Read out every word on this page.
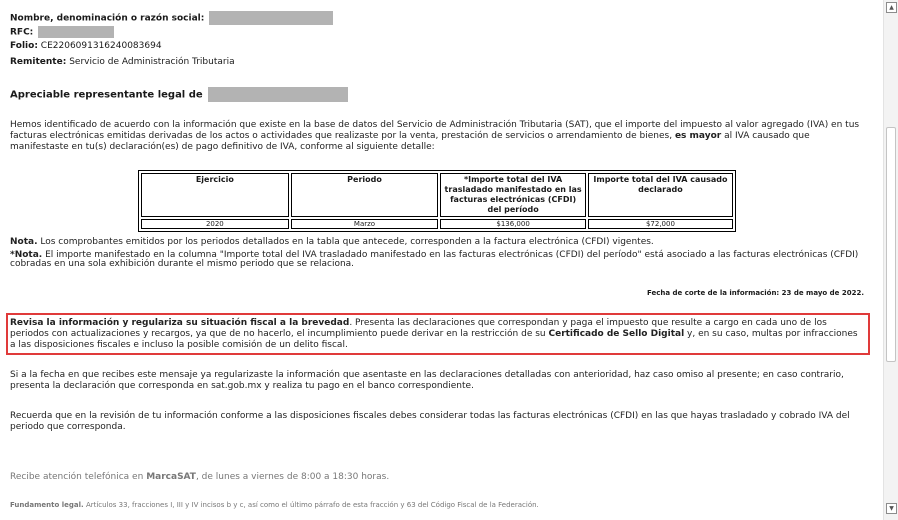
Nombre, denominación o razón social:
RFC:
Folio: CE2206091316240083694
Remitente: Servicio de Administración Tributaria
Apreciable representante legal de
Hemos identificado de acuerdo con la información que existe en la base de datos del Servicio de Administración Tributaria (SAT), que el importe del impuesto al valor agregado (IVA) en tus facturas electrónicas emitidas derivadas de los actos o actividades que realizaste por la venta, prestación de servicios o arrendamiento de bienes, es mayor al IVA causado que manifestaste en tu(s) declaración(es) de pago definitivo de IVA, conforme al siguiente detalle:
Ejercicio	Periodo	*Importe total del IVA trasladado manifestado en las facturas electrónicas (CFDI) del período	Importe total del IVA causado declarado
2020	Marzo	$136,000	$72,000
Nota. Los comprobantes emitidos por los periodos detallados en la tabla que antecede, corresponden a la factura electrónica (CFDI) vigentes.
*Nota. El importe manifestado en la columna "Importe total del IVA trasladado manifestado en las facturas electrónicas (CFDI) del período" está asociado a las facturas electrónicas (CFDI) cobradas en una sola exhibición durante el mismo periodo que se relaciona.
Fecha de corte de la información: 23 de mayo de 2022.
Revisa la información y regulariza su situación fiscal a la brevedad. Presenta las declaraciones que correspondan y paga el impuesto que resulte a cargo en cada uno de los periodos con actualizaciones y recargos, ya que de no hacerlo, el incumplimiento puede derivar en la restricción de su Certificado de Sello Digital y, en su caso, multas por infracciones a las disposiciones fiscales e incluso la posible comisión de un delito fiscal.
Si a la fecha en que recibes este mensaje ya regularizaste la información que asentaste en las declaraciones detalladas con anterioridad, haz caso omiso al presente; en caso contrario, presenta la declaración que corresponda en sat.gob.mx y realiza tu pago en el banco correspondiente.
Recuerda que en la revisión de tu información conforme a las disposiciones fiscales debes considerar todas las facturas electrónicas (CFDI) en las que hayas trasladado y cobrado IVA del periodo que corresponda.
Recibe atención telefónica en MarcaSAT, de lunes a viernes de 8:00 a 18:30 horas.
Fundamento legal. Artículos 33, fracciones I, III y IV incisos b y c, así como el último párrafo de esta fracción y 63 del Código Fiscal de la Federación.
▲
▼
